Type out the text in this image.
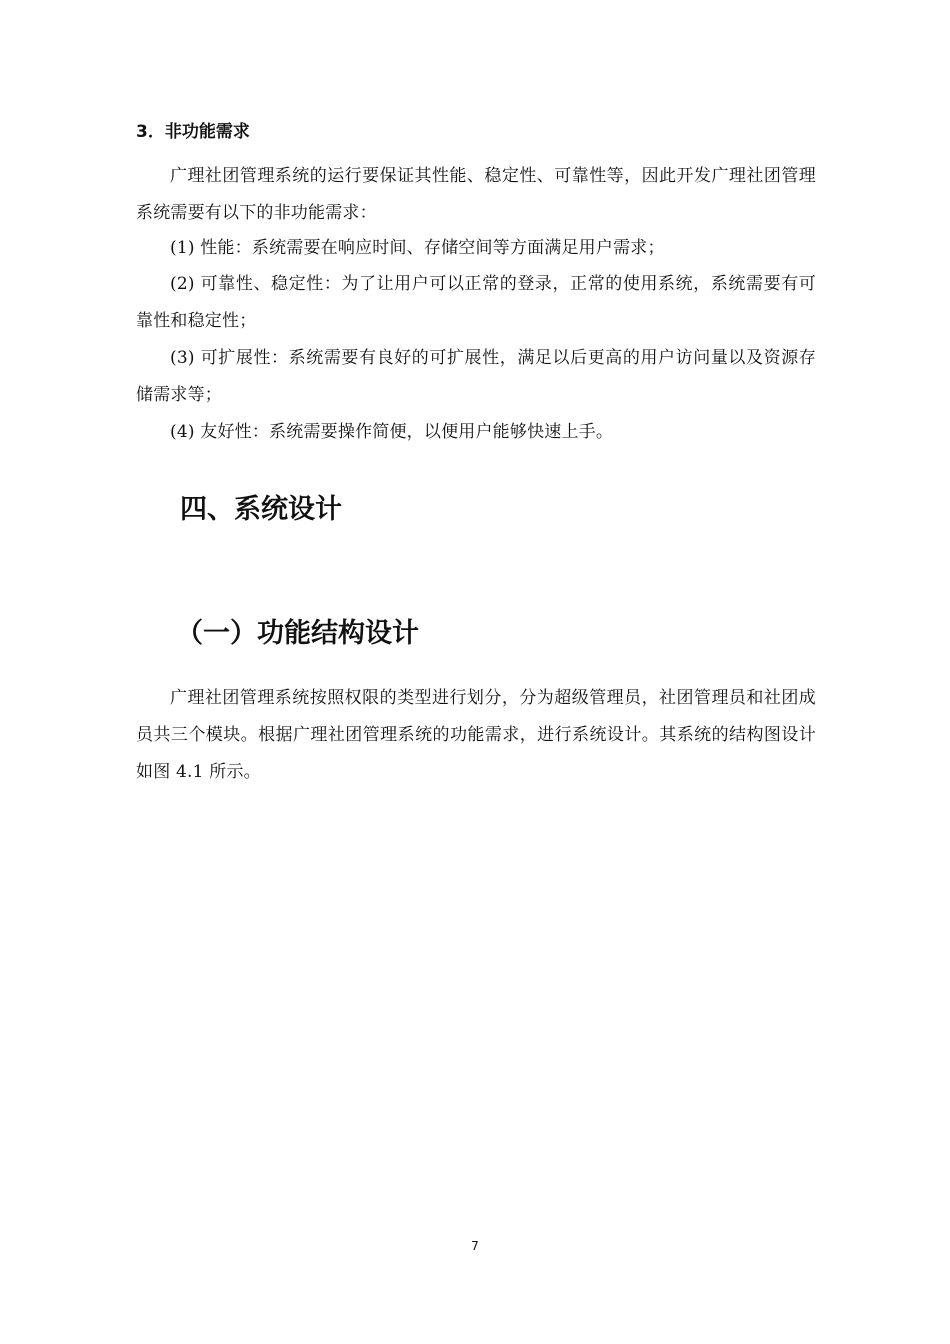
3．非功能需求
广理社团管理系统的运行要保证其性能、稳定性、可靠性等，因此开发广理社团管理系统需要有以下的非功能需求：
(1) 性能：系统需要在响应时间、存储空间等方面满足用户需求；
(2) 可靠性、稳定性：为了让用户可以正常的登录，正常的使用系统，系统需要有可靠性和稳定性；
(3) 可扩展性：系统需要有良好的可扩展性，满足以后更高的用户访问量以及资源存储需求等；
(4) 友好性：系统需要操作简便，以便用户能够快速上手。
四、系统设计
（一）功能结构设计
广理社团管理系统按照权限的类型进行划分，分为超级管理员，社团管理员和社团成员共三个模块。根据广理社团管理系统的功能需求，进行系统设计。其系统的结构图设计如图 4.1 所示。
7
